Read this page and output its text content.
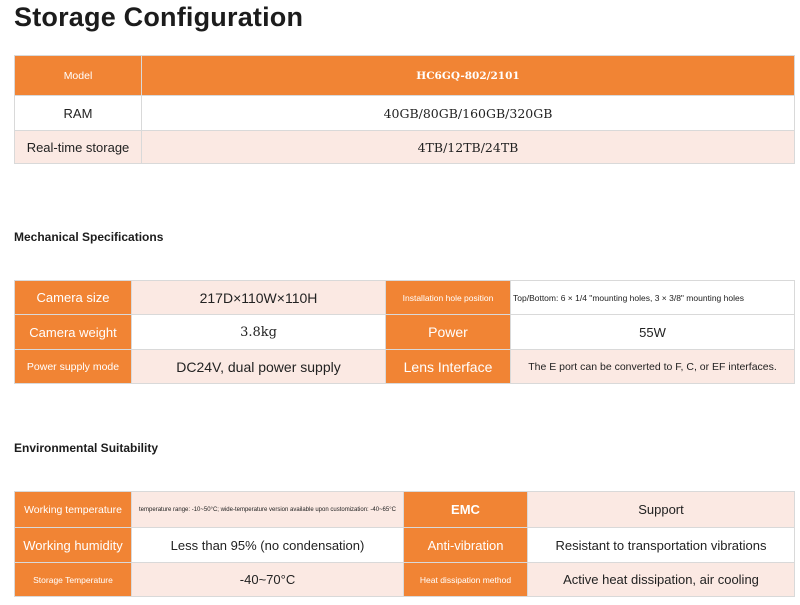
Storage Configuration
Model	HC6GQ-802/2101
RAM	40GB/80GB/160GB/320GB
Real-time storage	4TB/12TB/24TB
Mechanical Specifications
Camera size	217D×110W×110H	Installation hole position	Top/Bottom: 6 × 1/4 "mounting holes, 3 × 3/8" mounting holes
Camera weight	3.8kg	Power	55W
Power supply mode	DC24V, dual power supply	Lens Interface	The E port can be converted to F, C, or EF interfaces.
Environmental Suitability
Working temperature	temperature range: -10~50°C; wide-temperature version available upon customization: -40~65°C	EMC	Support
Working humidity	Less than 95% (no condensation)	Anti-vibration	Resistant to transportation vibrations
Storage Temperature	-40~70°C	Heat dissipation method	Active heat dissipation, air cooling
